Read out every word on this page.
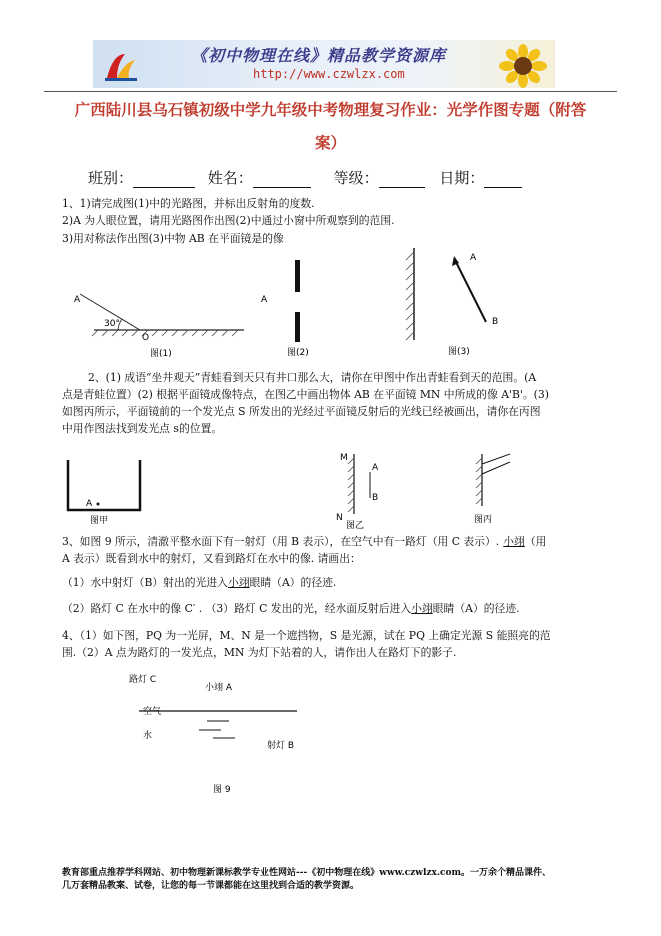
《初中物理在线》精品教学资源库
http://www.czwlzx.com
广西陆川县乌石镇初级中学九年级中考物理复习作业：光学作图专题（附答
案）
班别：	姓名：	等级：	日期：
1、1)请完成图(1)中的光路图，并标出反射角的度数.
2)A 为人眼位置，请用光路图作出图(2)中通过小窗中所观察到的范围.
3)用对称法作出图(3)中物 AB 在平面镜是的像
A
30°
O
图(1)
A
图(2)
A
B
图(3)
2、(1) 成语“坐井观天”青蛙看到天只有井口那么大，请你在甲图中作出青蛙看到天的范围。(A
点是青蛙位置）(2) 根据平面镜成像特点，在图乙中画出物体 AB 在平面镜 MN 中所成的像 A'B'。(3)
如图丙所示，平面镜前的一个发光点 S 所发出的光经过平面镜反射后的光线已经被画出，请你在丙图
中用作图法找到发光点 s的位置。
A
图甲
M
A
B
N
图乙
图丙
3、如图 9 所示，清澈平整水面下有一射灯（用 B 表示），在空气中有一路灯（用 C 表示）. 小翊（用
A 表示）既看到水中的射灯，又看到路灯在水中的像. 请画出：
（1）水中射灯（B）射出的光进入小翊眼睛（A）的径迹.
（2）路灯 C 在水中的像 C′ . （3）路灯 C 发出的光，经水面反射后进入小翊眼睛（A）的径迹.
4、（1）如下图，PQ 为一光屏，M、N 是一个遮挡物，S 是光源，试在 PQ 上确定光源 S 能照亮的范
围.（2）A 点为路灯的一发光点，MN 为灯下站着的人，请作出人在路灯下的影子.
路灯 C
小翊 A
空气
水
射灯 B
图 9
教育部重点推荐学科网站、初中物理新课标教学专业性网站---《初中物理在线》www.czwlzx.com。一万余个精品课件、
几万套精品教案、试卷，让您的每一节课都能在这里找到合适的教学资源。
